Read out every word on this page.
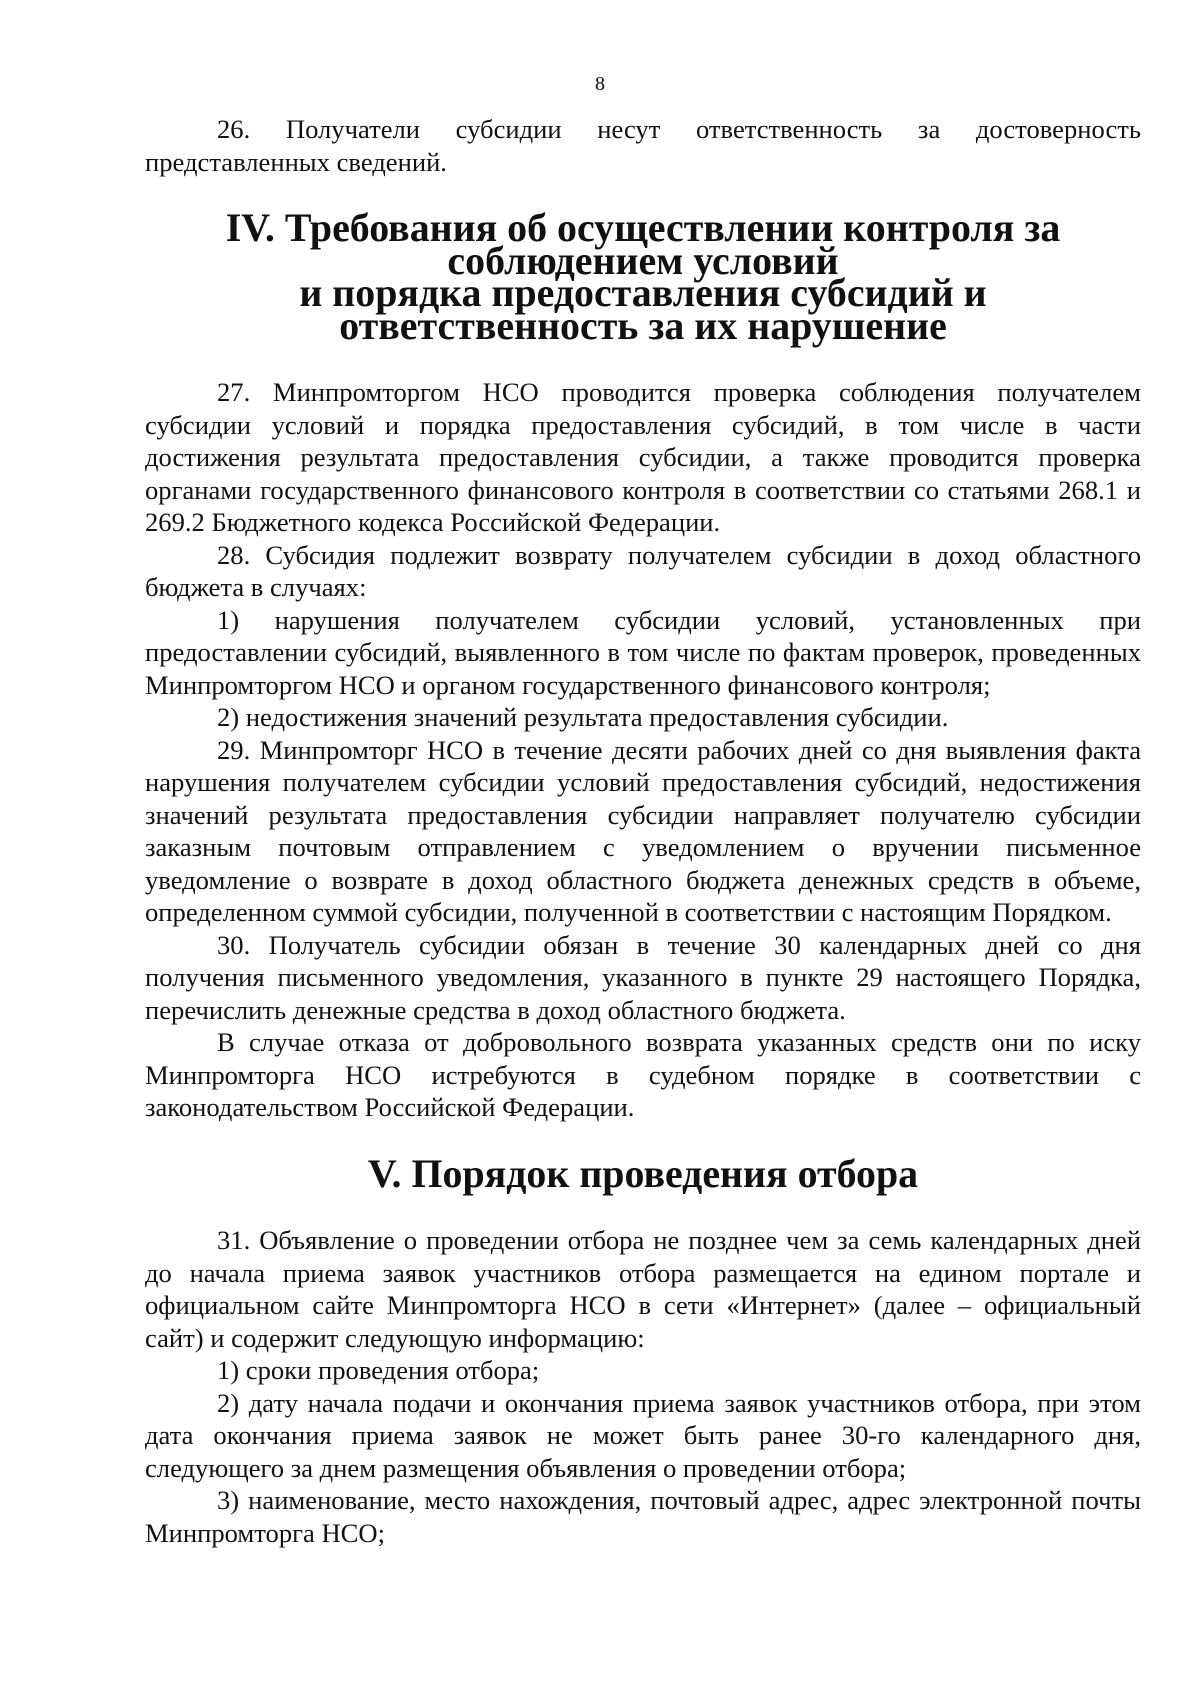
8

26. Получатели субсидии несут ответственность за достоверность представленных сведений.

IV. Требования об осуществлении контроля за соблюдением условий
и порядка предоставления субсидий и ответственность за их нарушение

27. Минпромторгом НСО проводится проверка соблюдения получателем субсидии условий и порядка предоставления субсидий, в том числе в части достижения результата предоставления субсидии, а также проводится проверка органами государственного финансового контроля в соответствии со статьями 268.1 и 269.2 Бюджетного кодекса Российской Федерации.

28. Субсидия подлежит возврату получателем субсидии в доход областного бюджета в случаях:

1) нарушения получателем субсидии условий, установленных при предоставлении субсидий, выявленного в том числе по фактам проверок, проведенных Минпромторгом НСО и органом государственного финансового контроля;

2) недостижения значений результата предоставления субсидии.

29. Минпромторг НСО в течение десяти рабочих дней со дня выявления факта нарушения получателем субсидии условий предоставления субсидий, недостижения значений результата предоставления субсидии направляет получателю субсидии заказным почтовым отправлением с уведомлением о вручении письменное уведомление о возврате в доход областного бюджета денежных средств в объеме, определенном суммой субсидии, полученной в соответствии с настоящим Порядком.

30. Получатель субсидии обязан в течение 30 календарных дней со дня получения письменного уведомления, указанного в пункте 29 настоящего Порядка, перечислить денежные средства в доход областного бюджета.

В случае отказа от добровольного возврата указанных средств они по иску Минпромторга НСО истребуются в судебном порядке в соответствии с законодательством Российской Федерации.

V. Порядок проведения отбора

31. Объявление о проведении отбора не позднее чем за семь календарных дней до начала приема заявок участников отбора размещается на едином портале и официальном сайте Минпромторга НСО в сети «Интернет» (далее – официальный сайт) и содержит следующую информацию:

1) сроки проведения отбора;

2) дату начала подачи и окончания приема заявок участников отбора, при этом дата окончания приема заявок не может быть ранее 30-го календарного дня, следующего за днем размещения объявления о проведении отбора;

3) наименование, место нахождения, почтовый адрес, адрес электронной почты Минпромторга НСО;
